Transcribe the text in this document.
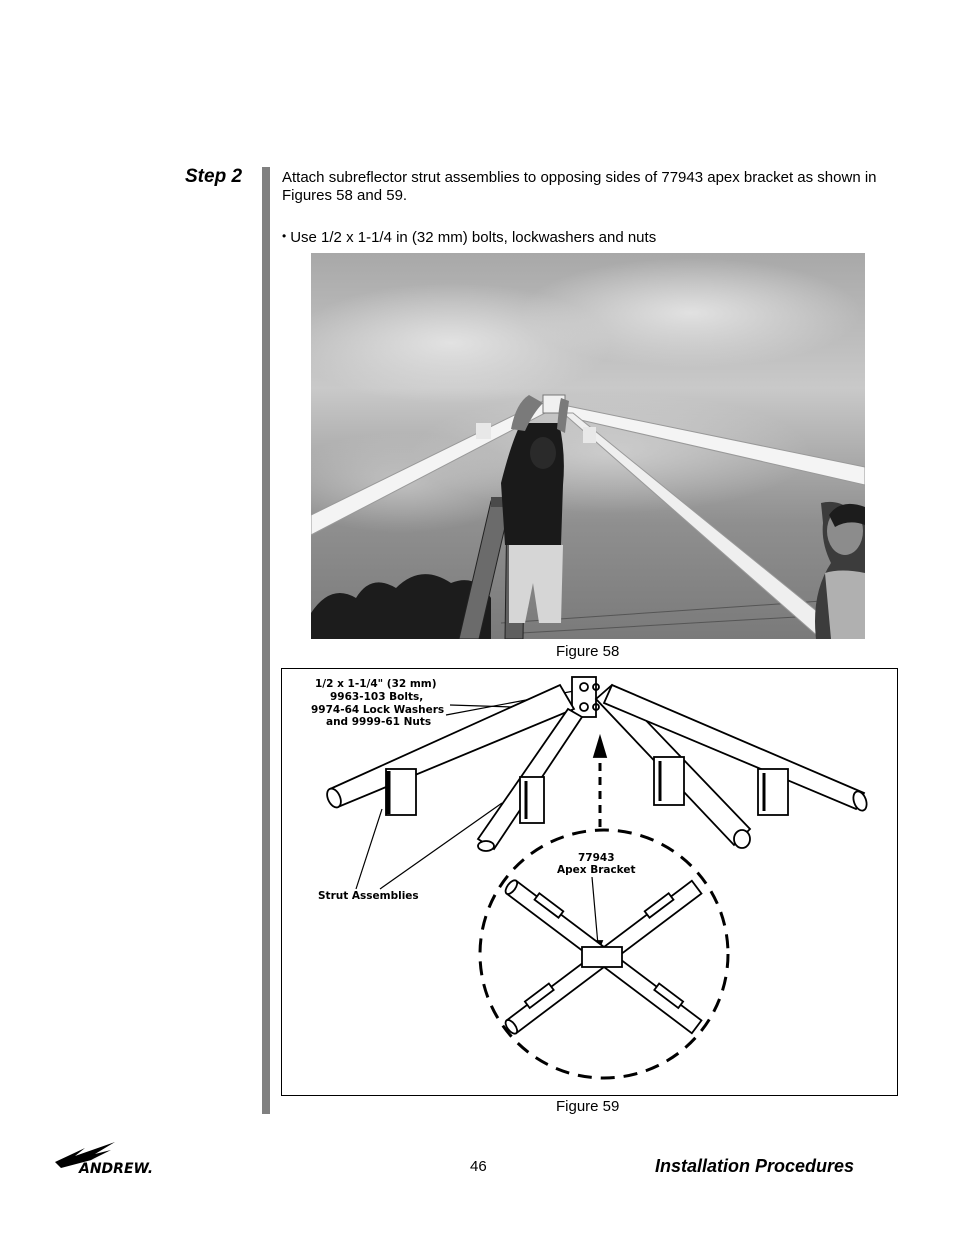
Step 2	Attach subreflector strut assemblies to opposing sides of 77943 apex bracket as shown in Figures 58 and 59.
• Use 1/2 x 1-1/4 in (32 mm) bolts, lockwashers and nuts
Figure 58
1/2 x 1-1/4" (32 mm)
9963-103 Bolts,
9974-64 Lock Washers
and 9999-61 Nuts
Strut Assemblies
77943
Apex Bracket
Figure 59
ANDREW.	46	Installation Procedures
